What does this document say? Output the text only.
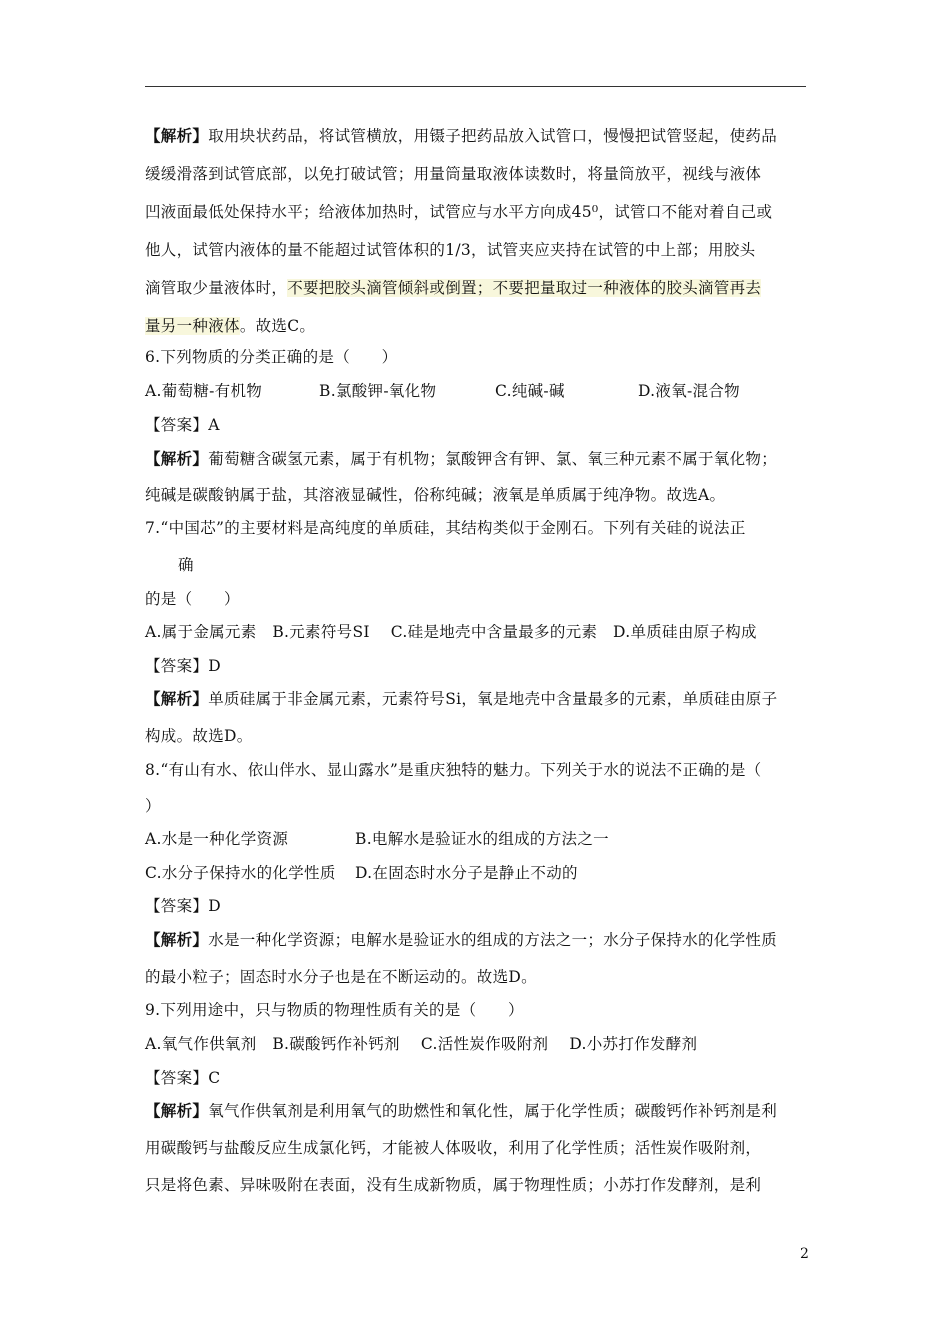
【解析】取用块状药品，将试管横放，用镊子把药品放入试管口，慢慢把试管竖起，使药品
缓缓滑落到试管底部，以免打破试管；用量筒量取液体读数时，将量筒放平，视线与液体
凹液面最低处保持水平；给液体加热时，试管应与水平方向成45⁰，试管口不能对着自己或
他人，试管内液体的量不能超过试管体积的1/3，试管夹应夹持在试管的中上部；用胶头
滴管取少量液体时，不要把胶头滴管倾斜或倒置；不要把量取过一种液体的胶头滴管再去
量另一种液体。故选C。
6.下列物质的分类正确的是（　　）
A.葡萄糖-有机物	B.氯酸钾-氧化物	C.纯碱-碱	D.液氧-混合物
【答案】A
【解析】葡萄糖含碳氢元素，属于有机物；氯酸钾含有钾、氯、氧三种元素不属于氧化物；
纯碱是碳酸钠属于盐，其溶液显碱性，俗称纯碱；液氧是单质属于纯净物。故选A。
7.“中国芯”的主要材料是高纯度的单质硅，其结构类似于金刚石。下列有关硅的说法正
确
的是（　　）
A.属于金属元素　B.元素符号SI　 C.硅是地壳中含量最多的元素　D.单质硅由原子构成
【答案】D
【解析】单质硅属于非金属元素，元素符号Si，氧是地壳中含量最多的元素，单质硅由原子
构成。故选D。
8.“有山有水、依山伴水、显山露水”是重庆独特的魅力。下列关于水的说法不正确的是（
）
A.水是一种化学资源	B.电解水是验证水的组成的方法之一
C.水分子保持水的化学性质 D.在固态时水分子是静止不动的
【答案】D
【解析】水是一种化学资源；电解水是验证水的组成的方法之一；水分子保持水的化学性质
的最小粒子；固态时水分子也是在不断运动的。故选D。
9.下列用途中，只与物质的物理性质有关的是（　　）
A.氧气作供氧剂　B.碳酸钙作补钙剂　 C.活性炭作吸附剂　 D.小苏打作发酵剂
【答案】C
【解析】氧气作供氧剂是利用氧气的助燃性和氧化性，属于化学性质；碳酸钙作补钙剂是利
用碳酸钙与盐酸反应生成氯化钙，才能被人体吸收，利用了化学性质；活性炭作吸附剂，
只是将色素、异味吸附在表面，没有生成新物质，属于物理性质；小苏打作发酵剂，是利
2
